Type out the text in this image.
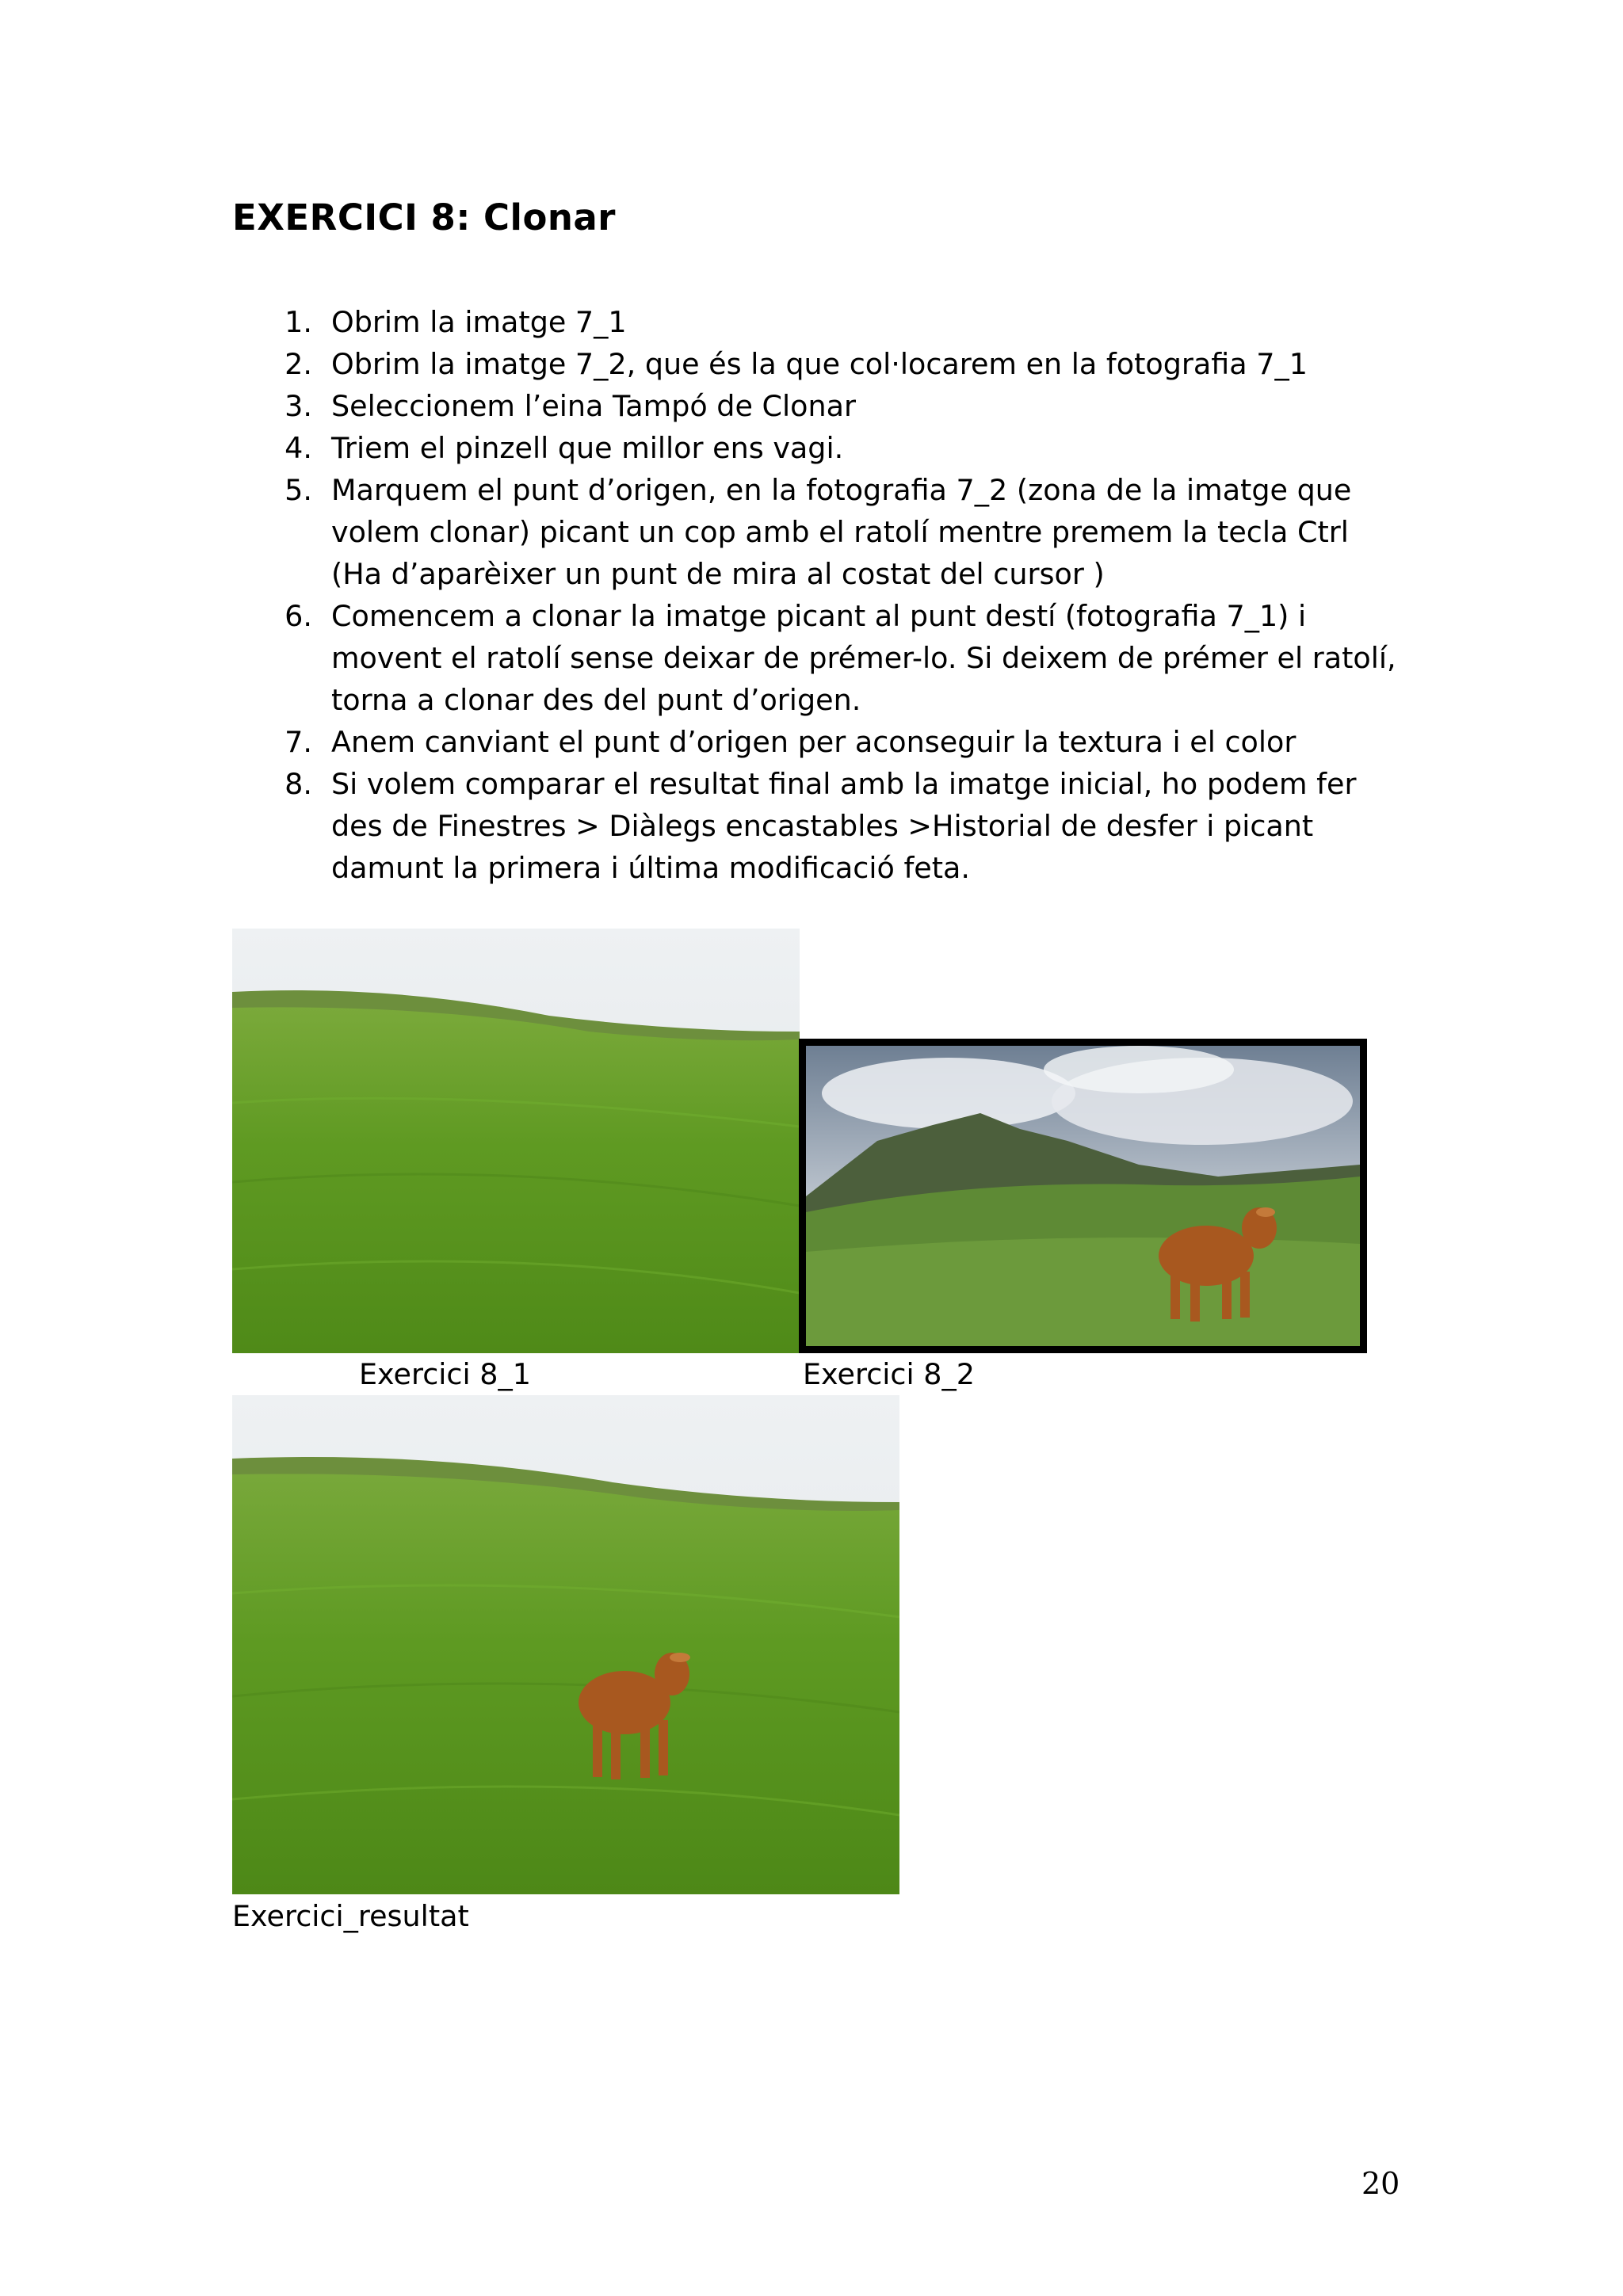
EXERCICI 8: Clonar
1. Obrim la imatge 7_1
2. Obrim la imatge 7_2, que és la que col·locarem en la fotografia 7_1
3. Seleccionem l’eina Tampó de Clonar
4. Triem el pinzell que millor ens vagi.
5. Marquem el punt d’origen, en la fotografia 7_2 (zona de la imatge que volem clonar) picant un cop amb el ratolí mentre premem la tecla Ctrl (Ha d’aparèixer un punt de mira al costat del cursor )
6. Comencem a clonar la imatge picant al punt destí (fotografia 7_1) i movent el ratolí sense deixar de prémer-lo. Si deixem de prémer el ratolí, torna a clonar des del punt d’origen.
7. Anem canviant el punt d’origen per aconseguir la textura i el color
8. Si volem comparar el resultat final amb la imatge inicial, ho podem fer des de Finestres > Diàlegs encastables >Historial de desfer i picant damunt la primera i última modificació feta.
Exercici 8_1	Exercici 8_2
Exercici_resultat
20
